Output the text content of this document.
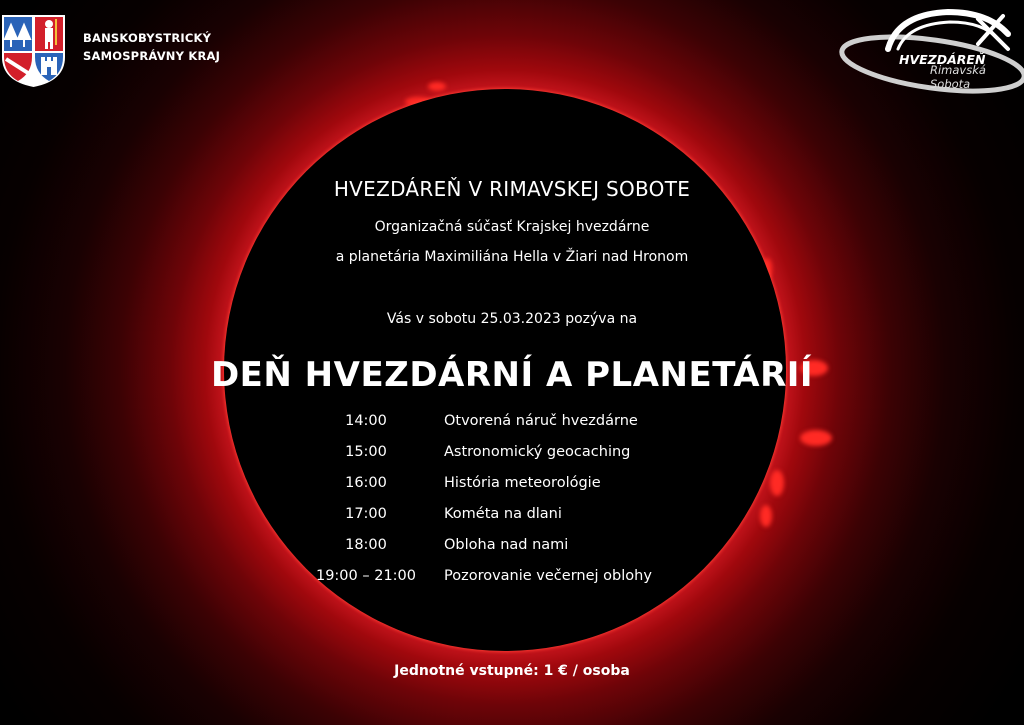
BANSKOBYSTRICKÝ
SAMOSPRÁVNY KRAJ	HVEZDÁREŇ
Rimavská Sobota
HVEZDÁREŇ V RIMAVSKEJ SOBOTE
Organizačná súčasť Krajskej hvezdárne
a planetária Maximiliána Hella v Žiari nad Hronom
Vás v sobotu 25.03.2023 pozýva na
DEŇ HVEZDÁRNÍ A PLANETÁRIÍ
14:00	Otvorená náruč hvezdárne
15:00	Astronomický geocaching
16:00	História meteorológie
17:00	Kométa na dlani
18:00	Obloha nad nami
19:00 – 21:00	Pozorovanie večernej oblohy
Jednotné vstupné: 1 € / osoba
